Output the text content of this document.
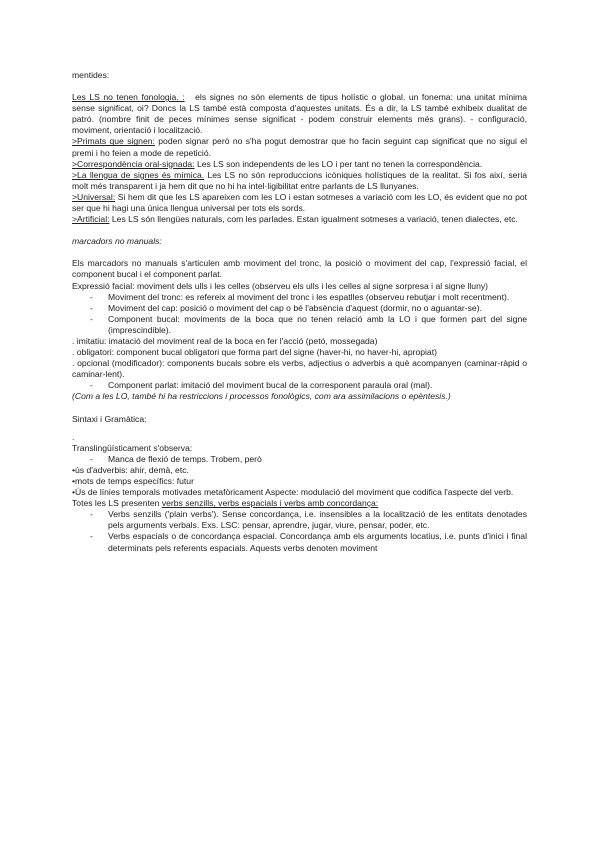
mentides:

Les LS no tenen fonologia. : els signes no són elements de tipus holístic o global. un fonema: una unitat mínima sense significat, oi? Doncs la LS també està composta d'aquestes unitats. És a dir, la LS també exhibeix dualitat de patró. (nombre finit de peces mínimes sense significat - podem construir elements més grans). - configuració, moviment, orientació i localització.

>Primats que signen: poden signar però no s'ha pogut demostrar que ho facin seguint cap significat que no sigui el premi i ho feien a mode de repetició.

>Correspondència oral-signada: Les LS son independents de les LO i per tant no tenen la correspondència.

>La llengua de signes és mímica. Les LS no són reproduccions icòniques holístiques de la realitat. Si fos així, seria molt més transparent i ja hem dit que no hi ha intel·ligibilitat entre parlants de LS llunyanes.

>Universal: Si hem dit que les LS apareixen com les LO i estan sotmeses a variació com les LO, és evident que no pot ser que hi hagi una única llengua universal per tots els sords.

>Artificial: Les LS són llengües naturals, com les parlades. Estan igualment sotmeses a variació, tenen dialectes, etc.

marcadors no manuals:

Els marcadors no manuals s'articulen amb moviment del tronc, la posició o moviment del cap, l'expressió facial, el component bucal i el component parlat.

Expressió facial: moviment dels ulls i les celles (observeu els ulls i les celles al signe sorpresa i al signe lluny)

- Moviment del tronc: es refereix al moviment del tronc i les espatlles (observeu rebutjar i molt recentment).

- Moviment del cap: posició o moviment del cap o bé l'absència d'aquest (dormir, no o aguantar-se).

- Component bucal: moviments de la boca que no tenen relació amb la LO i que formen part del signe (imprescindible).

. imitatiu: imatació del moviment real de la boca en fer l'acció (petó, mossegada)

. obligatori: component bucal obligatori que forma part del signe (haver-hi, no haver-hi, apropiat)

. opcional (modificador): components bucals sobre els verbs, adjectius o adverbis a què acompanyen (caminar-ràpid o caminar-lent).

- Component parlat: imitació del moviment bucal de la corresponent paraula oral (mal).

(Com a les LO, també hi ha restriccions i processos fonològics, com ara assimilacions o epèntesis.)

Sintaxi i Gramàtica:

.

Translingüísticament s'observa:

- Manca de flexió de temps. Trobem, però

•ús d'adverbis: ahir, demà, etc.

•mots de temps específics: futur

•Ús de línies temporals motivades metafòricament Aspecte: modulació del moviment que codifica l'aspecte del verb.

Totes les LS presenten verbs senzills, verbs espacials i verbs amb concordança:

- Verbs senzills ('plain verbs'). Sense concordança, i.e. insensibles a la localització de les entitats denotades pels arguments verbals. Exs. LSC: pensar, aprendre, jugar, viure, pensar, poder, etc.

- Verbs espacials o de concordança espacial. Concordança amb els arguments locatius, i.e. punts d'inici i final determinats pels referents espacials. Aquests verbs denoten moviment
